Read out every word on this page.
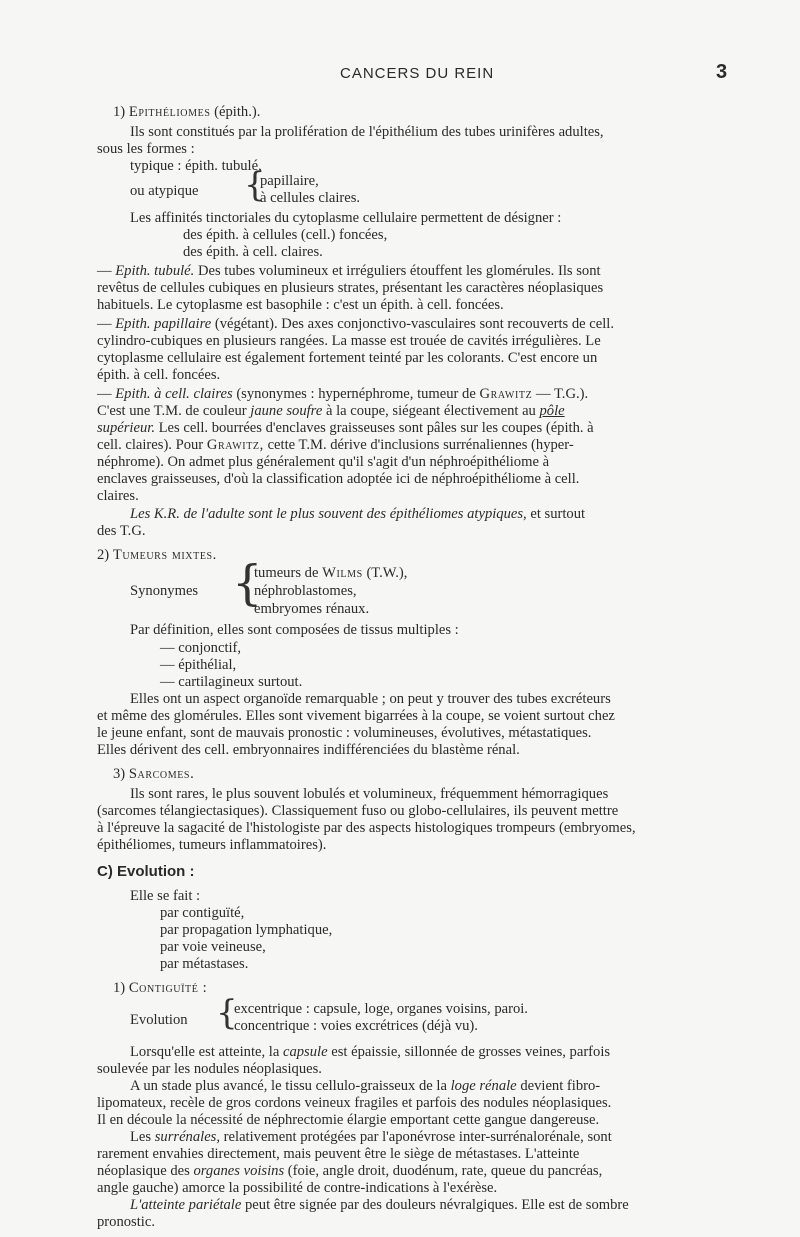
CANCERS DU REIN	3
1) Epithéliomes (épith.).
Ils sont constitués par la prolifération de l'épithélium des tubes urinifères adultes,
sous les formes :
typique : épith. tubulé,
ou atypique {
papillaire,
à cellules claires.
Les affinités tinctoriales du cytoplasme cellulaire permettent de désigner :
des épith. à cellules (cell.) foncées,
des épith. à cell. claires.
— Epith. tubulé. Des tubes volumineux et irréguliers étouffent les glomérules. Ils sont
revêtus de cellules cubiques en plusieurs strates, présentant les caractères néoplasiques
habituels. Le cytoplasme est basophile : c'est un épith. à cell. foncées.
— Epith. papillaire (végétant). Des axes conjonctivo-vasculaires sont recouverts de cell.
cylindro-cubiques en plusieurs rangées. La masse est trouée de cavités irrégulières. Le
cytoplasme cellulaire est également fortement teinté par les colorants. C'est encore un
épith. à cell. foncées.
— Epith. à cell. claires (synonymes : hypernéphrome, tumeur de Grawitz — T.G.).
C'est une T.M. de couleur jaune soufre à la coupe, siégeant électivement au pôle
supérieur. Les cell. bourrées d'enclaves graisseuses sont pâles sur les coupes (épith. à
cell. claires). Pour Grawitz, cette T.M. dérive d'inclusions surrénaliennes (hyper-
néphrome). On admet plus généralement qu'il s'agit d'un néphroépithéliome à
enclaves graisseuses, d'où la classification adoptée ici de néphroépithéliome à cell.
claires.
Les K.R. de l'adulte sont le plus souvent des épithéliomes atypiques, et surtout
des T.G.
2) Tumeurs mixtes.
Synonymes {
tumeurs de Wilms (T.W.),
néphroblastomes,
embryomes rénaux.
Par définition, elles sont composées de tissus multiples :
— conjonctif,
— épithélial,
— cartilagineux surtout.
Elles ont un aspect organoïde remarquable ; on peut y trouver des tubes excréteurs
et même des glomérules. Elles sont vivement bigarrées à la coupe, se voient surtout chez
le jeune enfant, sont de mauvais pronostic : volumineuses, évolutives, métastatiques.
Elles dérivent des cell. embryonnaires indifférenciées du blastème rénal.
3) Sarcomes.
Ils sont rares, le plus souvent lobulés et volumineux, fréquemment hémorragiques
(sarcomes télangiectasiques). Classiquement fuso ou globo-cellulaires, ils peuvent mettre
à l'épreuve la sagacité de l'histologiste par des aspects histologiques trompeurs (embryomes,
épithéliomes, tumeurs inflammatoires).
C) Evolution :
Elle se fait :
par contiguïté,
par propagation lymphatique,
par voie veineuse,
par métastases.
1) Contiguïté :
Evolution {
excentrique : capsule, loge, organes voisins, paroi.
concentrique : voies excrétrices (déjà vu).
Lorsqu'elle est atteinte, la capsule est épaissie, sillonnée de grosses veines, parfois
soulevée par les nodules néoplasiques.
A un stade plus avancé, le tissu cellulo-graisseux de la loge rénale devient fibro-
lipomateux, recèle de gros cordons veineux fragiles et parfois des nodules néoplasiques.
Il en découle la nécessité de néphrectomie élargie emportant cette gangue dangereuse.
Les surrénales, relativement protégées par l'aponévrose inter-surrénalorénale, sont
rarement envahies directement, mais peuvent être le siège de métastases. L'atteinte
néoplasique des organes voisins (foie, angle droit, duodénum, rate, queue du pancréas,
angle gauche) amorce la possibilité de contre-indications à l'exérèse.
L'atteinte pariétale peut être signée par des douleurs névralgiques. Elle est de sombre
pronostic.
